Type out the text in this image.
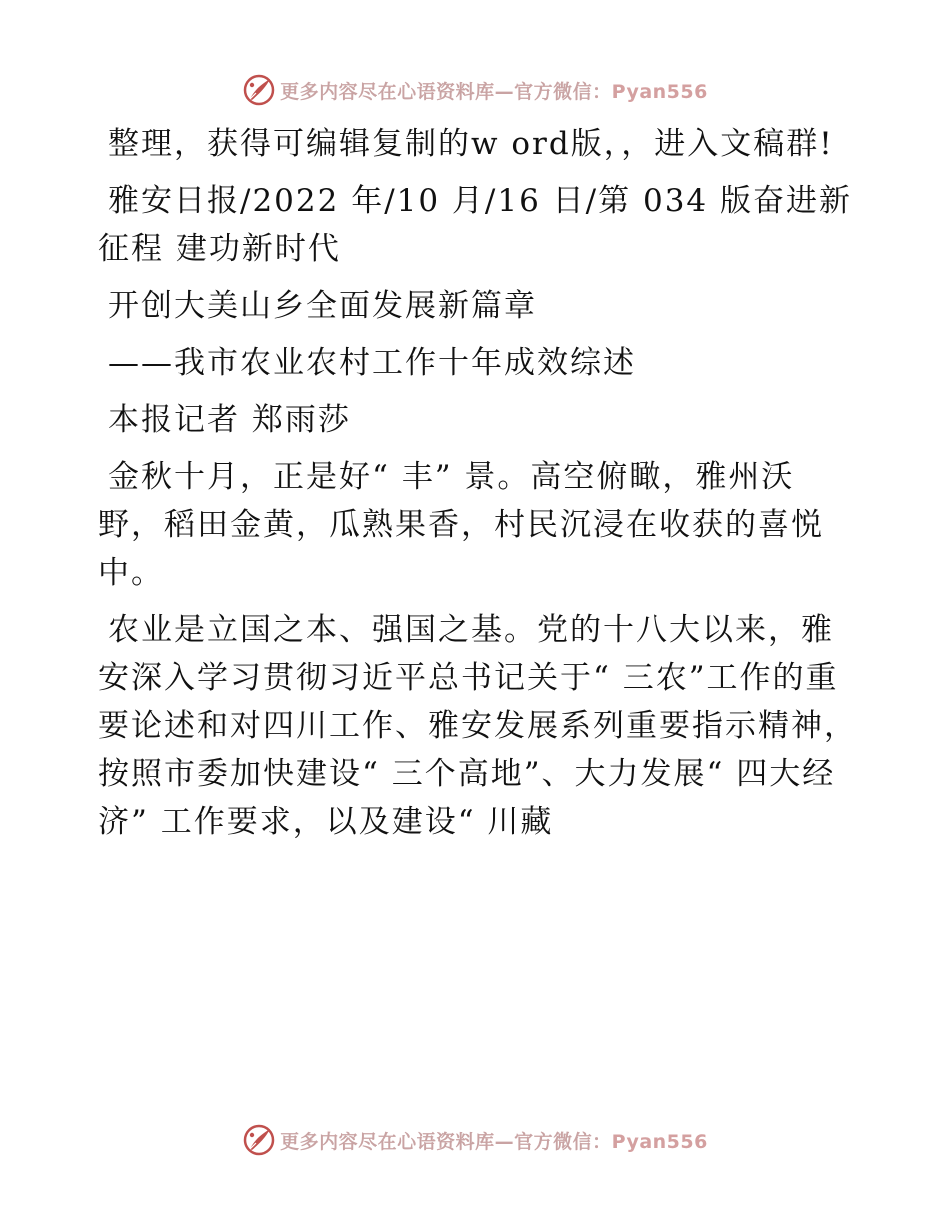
更多内容尽在心语资料库—官方微信：Pyan556

整理，获得可编辑复制的w ord版，，进入文稿群!

雅安日报/2022 年/10 月/16 日/第 034 版奋进新征程 建功新时代

开创大美山乡全面发展新篇章

——我市农业农村工作十年成效综述

本报记者 郑雨莎

金秋十月，正是好“ 丰” 景。高空俯瞰，雅州沃野，稻田金黄，瓜熟果香，村民沉浸在收获的喜悦中。

农业是立国之本、强国之基。党的十八大以来，雅安深入学习贯彻习近平总书记关于“ 三农”工作的重要论述和对四川工作、雅安发展系列重要指示精神，按照市委加快建设“ 三个高地”、大力发展“ 四大经济” 工作要求，以及建设“ 川藏

更多内容尽在心语资料库—官方微信：Pyan556
